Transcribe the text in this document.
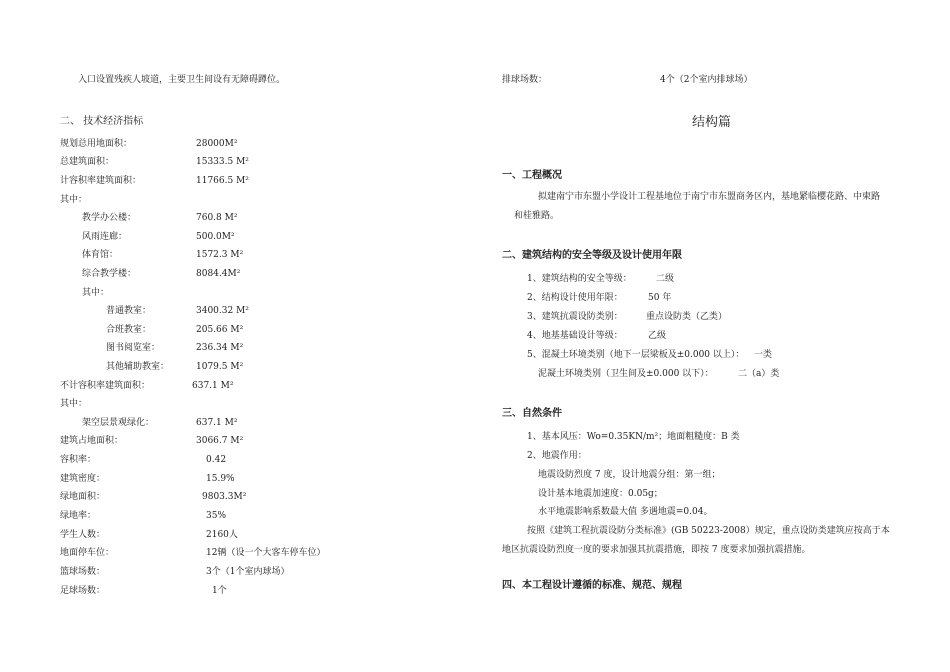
入口设置残疾人坡道，主要卫生间设有无障碍蹲位。
二、 技术经济指标
规划总用地面积：	28000M²
总建筑面积：	15333.5 M²
计容积率建筑面积：	11766.5 M²
其中：
教学办公楼：	760.8 M²
风雨连廊：	500.0M²
体育馆：	1572.3 M²
综合教学楼：	8084.4M²
其中：
普通教室：	3400.32 M²
合班教室：	205.66 M²
图书阅览室：	236.34 M²
其他辅助教室：	1079.5 M²
不计容积率建筑面积：	637.1 M²
其中：
架空层景观绿化：	637.1 M²
建筑占地面积：	3066.7 M²
容积率：	0.42
建筑密度：	15.9%
绿地面积：	9803.3M²
绿地率：	35%
学生人数：	2160人
地面停车位：	12辆（设一个大客车停车位）
篮球场数：	3个（1个室内球场）
足球场数：	1个
排球场数：	4个（2个室内排球场）
结构篇
一、工程概况
拟建南宁市东盟小学设计工程基地位于南宁市东盟商务区内，基地紧临樱花路、中柬路
和桂雅路。
二、建筑结构的安全等级及设计使用年限
1、建筑结构的安全等级：	二级
2、结构设计使用年限：	50 年
3、建筑抗震设防类别：	重点设防类（乙类）
4、地基基础设计等级：	乙级
5、混凝土环境类别（地下一层梁板及±0.000 以上）： 一类
泥凝土环境类别（卫生间及±0.000 以下）：	二（a）类
三、自然条件
1、基本风压：Wo=0.35KN/m²；地面粗糙度：B 类
2、地震作用：
地震设防烈度 7 度，设计地震分组：第一组；
设计基本地震加速度：0.05g；
水平地震影响系数最大值 多遇地震=0.04。
按照《建筑工程抗震设防分类标准》(GB 50223-2008）规定，重点设防类建筑应按高于本
地区抗震设防烈度一度的要求加强其抗震措施，即按 7 度要求加强抗震措施。
四、本工程设计遵循的标准、规范、规程
